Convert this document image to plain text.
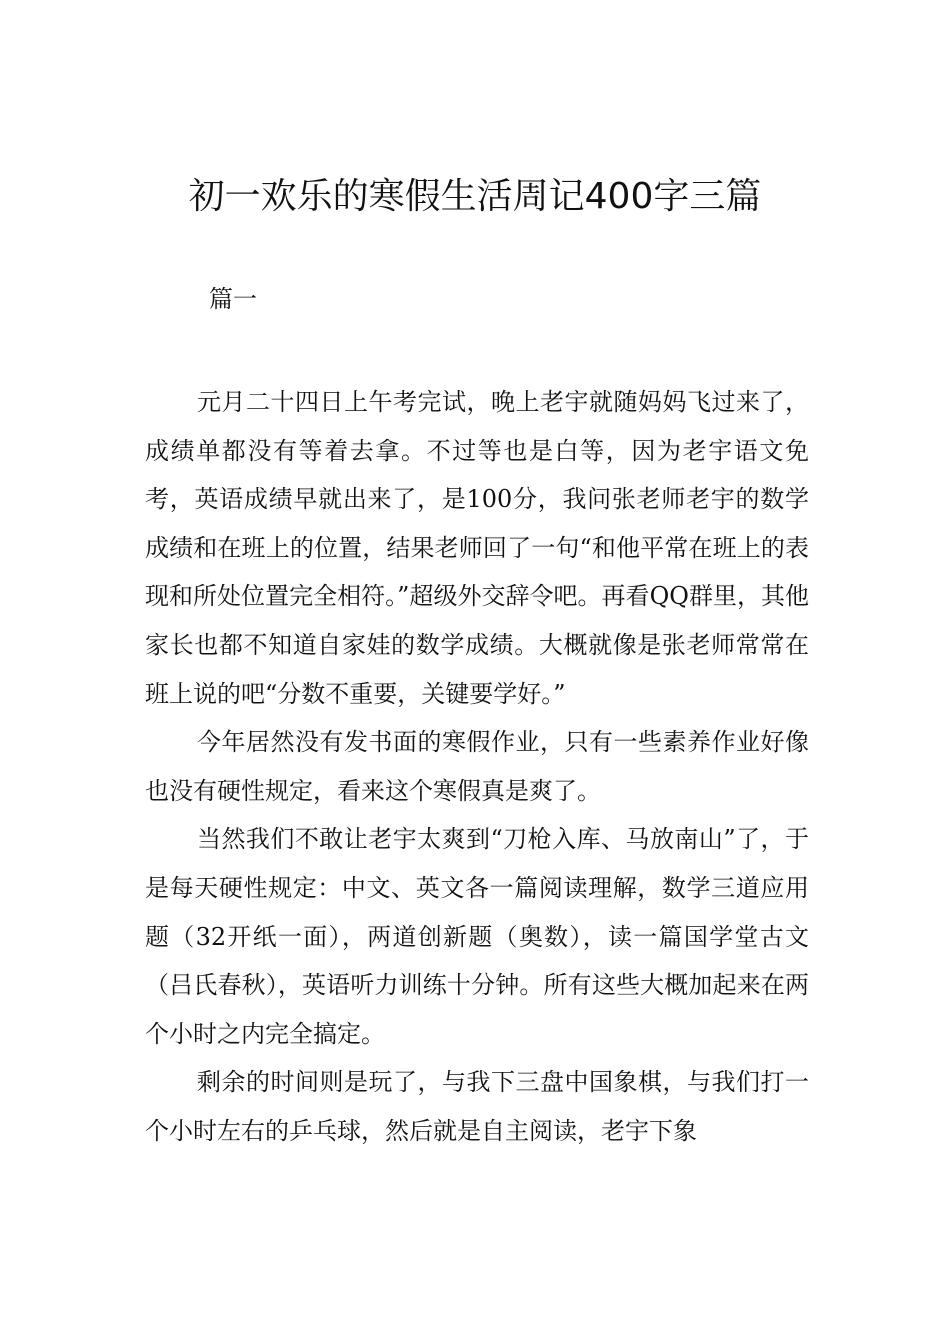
初一欢乐的寒假生活周记400字三篇
篇一

元月二十四日上午考完试，晚上老宇就随妈妈飞过来了，成绩单都没有等着去拿。不过等也是白等，因为老宇语文免考，英语成绩早就出来了，是100分，我问张老师老宇的数学成绩和在班上的位置，结果老师回了一句“和他平常在班上的表现和所处位置完全相符。”超级外交辞令吧。再看QQ群里，其他家长也都不知道自家娃的数学成绩。大概就像是张老师常常在班上说的吧“分数不重要，关键要学好。”

今年居然没有发书面的寒假作业，只有一些素养作业好像也没有硬性规定，看来这个寒假真是爽了。

当然我们不敢让老宇太爽到“刀枪入库、马放南山”了，于是每天硬性规定：中文、英文各一篇阅读理解，数学三道应用题（32开纸一面），两道创新题（奥数），读一篇国学堂古文（吕氏春秋），英语听力训练十分钟。所有这些大概加起来在两个小时之内完全搞定。

剩余的时间则是玩了，与我下三盘中国象棋，与我们打一个小时左右的乒乓球，然后就是自主阅读，老宇下象
